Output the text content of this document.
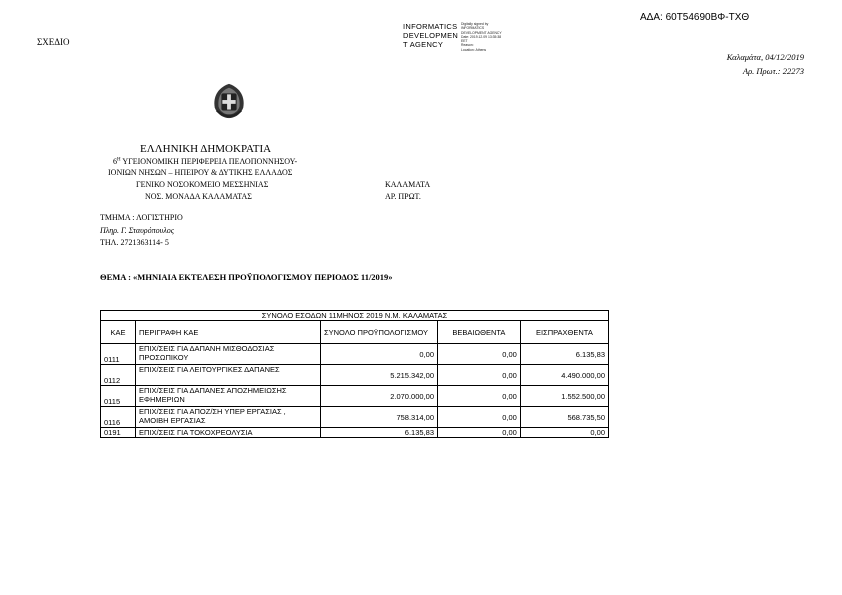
ΑΔΑ: 60Τ54690ΒΦ-ΤΧΘ
ΣΧΕΔΙΟ
INFORMATICS
DEVELOPMEN
T AGENCY
Digitally signed by
INFORMATICS
DEVELOPMENT AGENCY
Date: 2019.12.09 13:35:38
EET
Reason:
Location: Athens
Καλαμάτα, 04/12/2019
Αρ. Πρωτ.: 22273
ΕΛΛΗΝΙΚΗ ΔΗΜΟΚΡΑΤΙΑ
$6^H$ ΥΓΕΙΟΝΟΜΙΚΗ ΠΕΡΙΦΕΡΕΙΑ ΠΕΛΟΠΟΝΝΗΣΟΥ-
ΙΟΝΙΩΝ ΝΗΣΩΝ – ΗΠΕΙΡΟΥ & ΔΥΤΙΚΗΣ ΕΛΛΑΔΟΣ
ΓΕΝΙΚΟ ΝΟΣΟΚΟΜΕΙΟ ΜΕΣΣΗΝΙΑΣ	ΚΑΛΑΜΑΤΑ
ΝΟΣ. ΜΟΝΑΔΑ ΚΑΛΑΜΑΤΑΣ	ΑΡ. ΠΡΩΤ.
ΤΜΗΜΑ : ΛΟΓΙΣΤΗΡΙΟ
Πληρ. Γ. Σταυρόπουλος
ΤΗΛ. 2721363114- 5
ΘΕΜΑ : «ΜΗΝΙΑΙΑ ΕΚΤΕΛΕΣΗ ΠΡΟΫΠΟΛΟΓΙΣΜΟΥ ΠΕΡΙΟΔΟΣ 11/2019»
ΣΥΝΟΛΟ ΕΣΟΔΩΝ 11ΜΗΝΟΣ 2019 Ν.Μ. ΚΑΛΑΜΑΤΑΣ				
ΚΑΕ	ΠΕΡΙΓΡΑΦΗ ΚΑΕ	ΣΥΝΟΛΟ ΠΡΟΫΠΟΛΟΓΙΣΜΟΥ	ΒΕΒΑΙΩΘΕΝΤΑ	ΕΙΣΠΡΑΧΘΕΝΤΑ
0111	ΕΠΙΧ/ΣΕΙΣ ΓΙΑ ΔΑΠΑΝΗ ΜΙΣΘΟΔΟΣΙΑΣ ΠΡΟΣΩΠΙΚΟΥ	0,00	0,00	6.135,83
0112	ΕΠΙΧ/ΣΕΙΣ ΓΙΑ ΛΕΙΤΟΥΡΓΙΚΕΣ ΔΑΠΑΝΕΣ	5.215.342,00	0,00	4.490.000,00
0115	ΕΠΙΧ/ΣΕΙΣ ΓΙΑ ΔΑΠΑΝΕΣ ΑΠΟΖΗΜΕΙΩΣΗΣ ΕΦΗΜΕΡΙΩΝ	2.070.000,00	0,00	1.552.500,00
0116	ΕΠΙΧ/ΣΕΙΣ ΓΙΑ ΑΠΟΖ/ΣΗ ΥΠΕΡ ΕΡΓΑΣΙΑΣ , ΑΜΟΙΒΗ ΕΡΓΑΣΙΑΣ	758.314,00	0,00	568.735,50
0191	ΕΠΙΧ/ΣΕΙΣ ΓΙΑ ΤΟΚΟΧΡΕΟΛΥΣΙΑ	6.135,83	0,00	0,00
